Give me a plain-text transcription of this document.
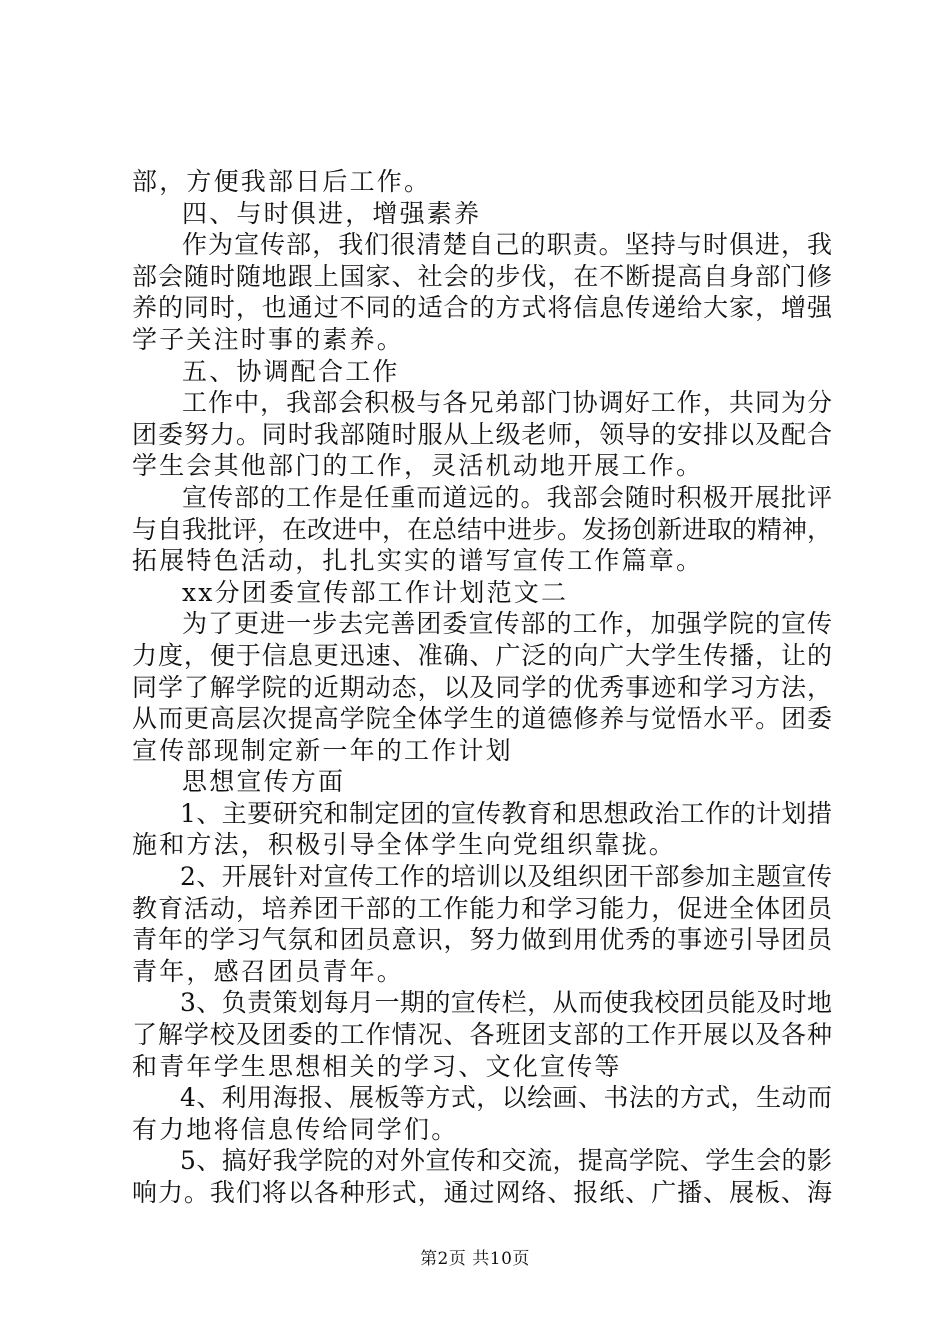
部，方便我部日后工作。
四、与时俱进，增强素养
作为宣传部，我们很清楚自己的职责。坚持与时俱进，我
部会随时随地跟上国家、社会的步伐，在不断提高自身部门修
养的同时，也通过不同的适合的方式将信息传递给大家，增强
学子关注时事的素养。
五、协调配合工作
工作中，我部会积极与各兄弟部门协调好工作，共同为分
团委努力。同时我部随时服从上级老师，领导的安排以及配合
学生会其他部门的工作，灵活机动地开展工作。
宣传部的工作是任重而道远的。我部会随时积极开展批评
与自我批评，在改进中，在总结中进步。发扬创新进取的精神，
拓展特色活动，扎扎实实的谱写宣传工作篇章。
xx分团委宣传部工作计划范文二
为了更进一步去完善团委宣传部的工作，加强学院的宣传
力度，便于信息更迅速、准确、广泛的向广大学生传播，让的
同学了解学院的近期动态，以及同学的优秀事迹和学习方法，
从而更高层次提高学院全体学生的道德修养与觉悟水平。团委
宣传部现制定新一年的工作计划
思想宣传方面
1、主要研究和制定团的宣传教育和思想政治工作的计划措
施和方法，积极引导全体学生向党组织靠拢。
2、开展针对宣传工作的培训以及组织团干部参加主题宣传
教育活动，培养团干部的工作能力和学习能力，促进全体团员
青年的学习气氛和团员意识，努力做到用优秀的事迹引导团员
青年，感召团员青年。
3、负责策划每月一期的宣传栏，从而使我校团员能及时地
了解学校及团委的工作情况、各班团支部的工作开展以及各种
和青年学生思想相关的学习、文化宣传等
4、利用海报、展板等方式，以绘画、书法的方式，生动而
有力地将信息传给同学们。
5、搞好我学院的对外宣传和交流，提高学院、学生会的影
响力。我们将以各种形式，通过网络、报纸、广播、展板、海
第2页 共10页
